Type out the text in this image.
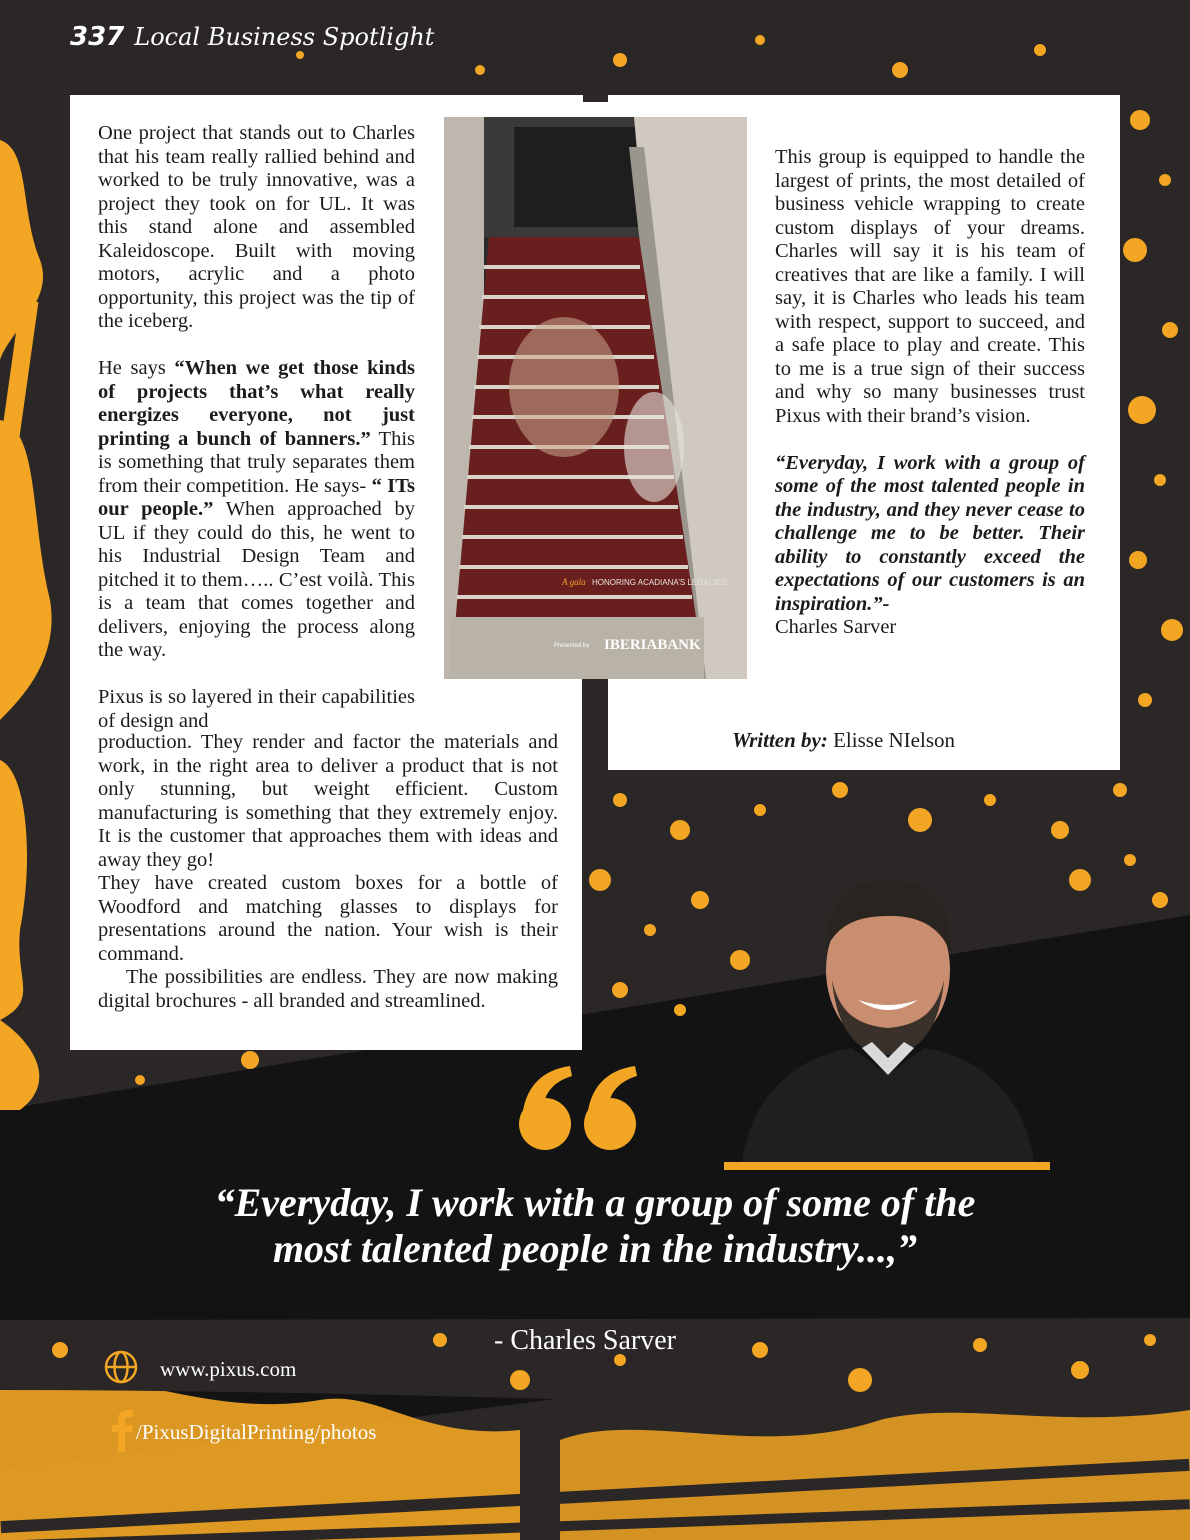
337 Local Business Spotlight

One project that stands out to Charles that his team really rallied behind and worked to be truly innovative, was a project they took on for UL. It was this stand alone and assembled Kaleidoscope. Built with moving motors, acrylic and a photo opportunity, this project was the tip of the iceberg.

He says “When we get those kinds of projects that’s what really energizes everyone, not just printing a bunch of banners.” This is something that truly separates them from their competition. He says- “ ITs our people.” When approached by UL if they could do this, he went to his Industrial Design Team and pitched it to them….. C’est voilà. This is a team that comes together and delivers, enjoying the process along the way.

Pixus is so layered in their capabilities of design and

production. They render and factor the materials and work, in the right area to deliver a product that is not only stunning, but weight efficient. Custom manufacturing is something that they extremely enjoy. It is the customer that approaches them with ideas and away they go!

They have created custom boxes for a bottle of Woodford and matching glasses to displays for presentations around the nation. Your wish is their command.

The possibilities are endless. They are now making digital brochures - all branded and streamlined.

HONORING ACADIANA’S LEGACIES
A gala
IBERIABANK
Presented by

This group is equipped to handle the largest of prints, the most detailed of business vehicle wrapping to create custom displays of your dreams. Charles will say it is his team of creatives that are like a family. I will say, it is Charles who leads his team with respect, support to succeed, and a safe place to play and create. This to me is a true sign of their success and why so many businesses trust Pixus with their brand’s vision.

“Everyday, I work with a group of some of the most talented people in the industry, and they never cease to challenge me to be better. Their ability to constantly exceed the expectations of our customers is an inspiration.”-

Charles Sarver

Written by: Elisse NIelson
“Everyday, I work with a group of some of the
most talented people in the industry...,”
- Charles Sarver
www.pixus.com
/PixusDigitalPrinting/photos
